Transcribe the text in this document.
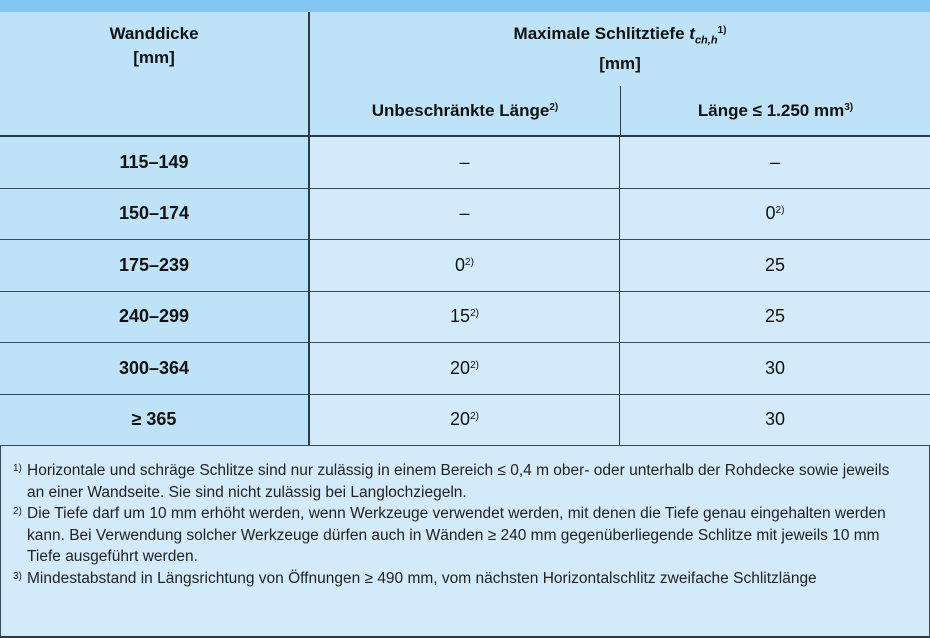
Wanddicke
[mm]
Maximale Schlitztiefe $t_{ch,h}^{1)}$
[mm]
Unbeschränkte Länge$^{2)}$	Länge ≤ 1.250 $mm^{3)}$
115–149	–	–
150–174	–	0$^{2)}$
175–239	0$^{2)}$	25
240–299	15$^{2)}$	25
300–364	20$^{2)}$	30
≥ 365	20$^{2)}$	30

1) Horizontale und schräge Schlitze sind nur zulässig in einem Bereich ≤ 0,4 m ober- oder unterhalb der Rohdecke sowie jeweils an einer Wandseite. Sie sind nicht zulässig bei Langlochziegeln.

2) Die Tiefe darf um 10 mm erhöht werden, wenn Werkzeuge verwendet werden, mit denen die Tiefe genau eingehalten werden kann. Bei Verwendung solcher Werkzeuge dürfen auch in Wänden ≥ 240 mm gegenüberliegende Schlitze mit jeweils 10 mm Tiefe ausgeführt werden.

3) Mindestabstand in Längsrichtung von Öffnungen ≥ 490 mm, vom nächsten Horizontalschlitz zweifache Schlitzlänge
